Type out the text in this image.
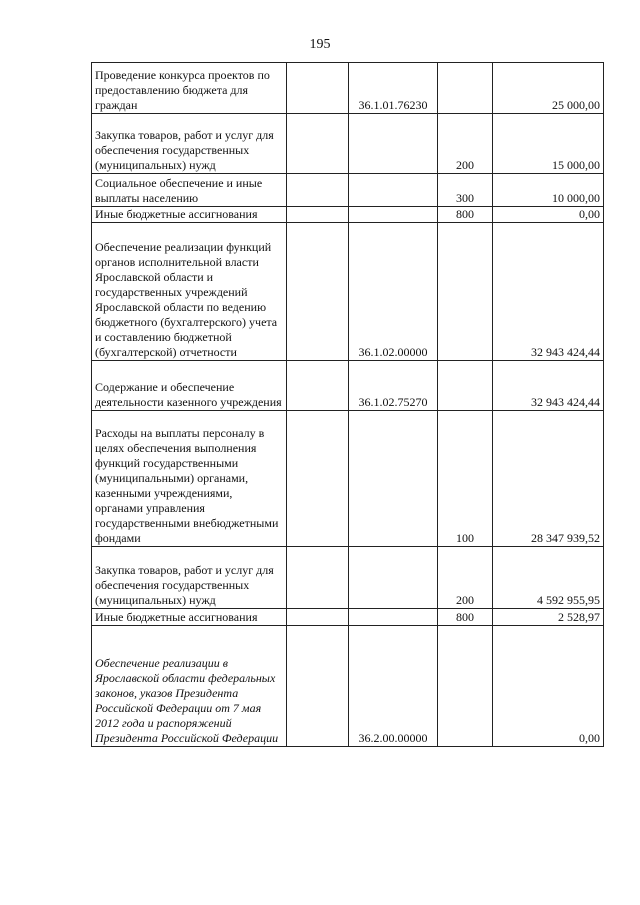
195
Проведение конкурса проектов по предоставлению бюджета для граждан		36.1.01.76230		25 000,00
Закупка товаров, работ и услуг для обеспечения государственных (муниципальных) нужд			200	15 000,00
Социальное обеспечение и иные выплаты населению			300	10 000,00
Иные бюджетные ассигнования			800	0,00
Обеспечение реализации функций органов исполнительной власти Ярославской области и государственных учреждений Ярославской области по ведению бюджетного (бухгалтерского) учета и составлению бюджетной (бухгалтерской) отчетности		36.1.02.00000		32 943 424,44
Содержание и обеспечение деятельности казенного учреждения		36.1.02.75270		32 943 424,44
Расходы на выплаты персоналу в целях обеспечения выполнения функций государственными (муниципальными) органами, казенными учреждениями, органами управления государственными внебюджетными фондами			100	28 347 939,52
Закупка товаров, работ и услуг для обеспечения государственных (муниципальных) нужд			200	4 592 955,95
Иные бюджетные ассигнования			800	2 528,97
Обеспечение реализации в Ярославской области федеральных законов, указов Президента Российской Федерации от 7 мая 2012 года и распоряжений Президента Российской Федерации		36.2.00.00000		0,00
